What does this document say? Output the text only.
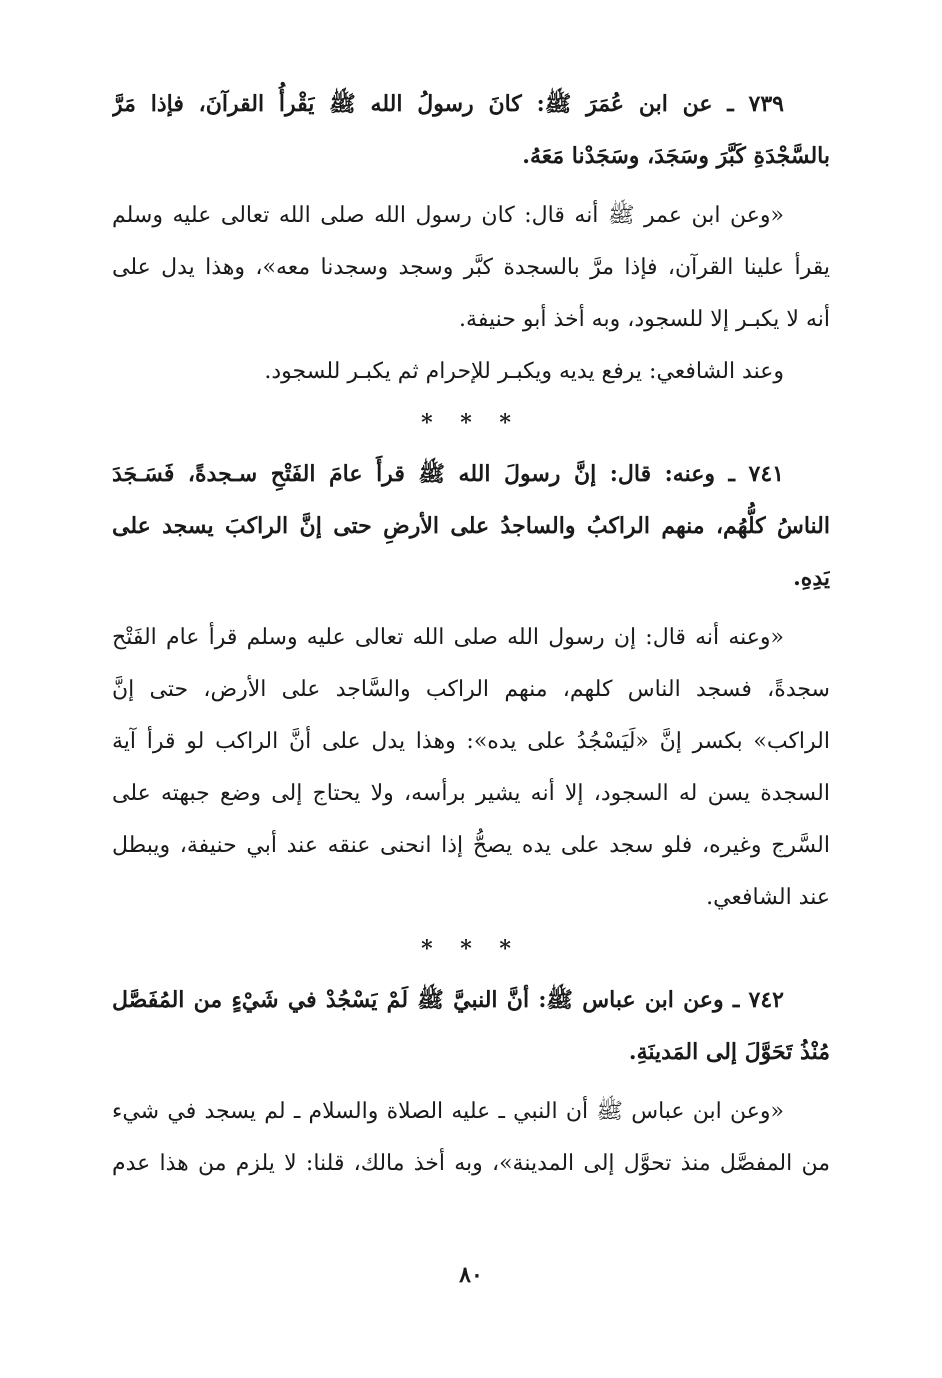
٧٣٩ ـ عن ابن عُمَرَ ﷺ: كانَ رسولُ الله ﷺ يَقْرأُ القرآنَ، فإذا مَرَّ
بالسَّجْدَةِ كَبَّرَ وسَجَدَ، وسَجَدْنا مَعَهُ.
«وعن ابن عمر ﷺ أنه قال: كان رسول الله صلى الله تعالى عليه وسلم
يقرأ علينا القرآن، فإذا مرَّ بالسجدة كبَّر وسجد وسجدنا معه»، وهذا يدل على
أنه لا يكبـر إلا للسجود، وبه أخذ أبو حنيفة.
وعند الشافعي: يرفع يديه ويكبـر للإحرام ثم يكبـر للسجود.
* * *
٧٤١ ـ وعنه: قال: إنَّ رسولَ الله ﷺ قرأَ عامَ الفَتْحِ سـجدةً، فَسَـجَدَ
الناسُ كلُّهُم، منهم الراكبُ والساجدُ على الأرضِ حتى إنَّ الراكبَ يسجد على
يَدِهِ.
«وعنه أنه قال: إن رسول الله صلى الله تعالى عليه وسلم قرأ عام الفَتْح
سجدةً، فسجد الناس كلهم، منهم الراكب والسَّاجد على الأرض، حتى إنَّ
الراكب» بكسر إنَّ «لَيَسْجُدُ على يده»: وهذا يدل على أنَّ الراكب لو قرأ آية
السجدة يسن له السجود، إلا أنه يشير برأسه، ولا يحتاج إلى وضع جبهته على
السَّرج وغيره، فلو سجد على يده يصحُّ إذا انحنى عنقه عند أبي حنيفة، ويبطل
عند الشافعي.
* * *
٧٤٢ ـ وعن ابن عباس ﷺ: أنَّ النبيَّ ﷺ لَمْ يَسْجُدْ في شَيْءٍ من المُفَصَّل
مُنْذُ تَحَوَّلَ إلى المَدينَةِ.
«وعن ابن عباس ﷺ أن النبي ـ عليه الصلاة والسلام ـ لم يسجد في شيء
من المفصَّل منذ تحوَّل إلى المدينة»، وبه أخذ مالك، قلنا: لا يلزم من هذا عدم
٨٠
